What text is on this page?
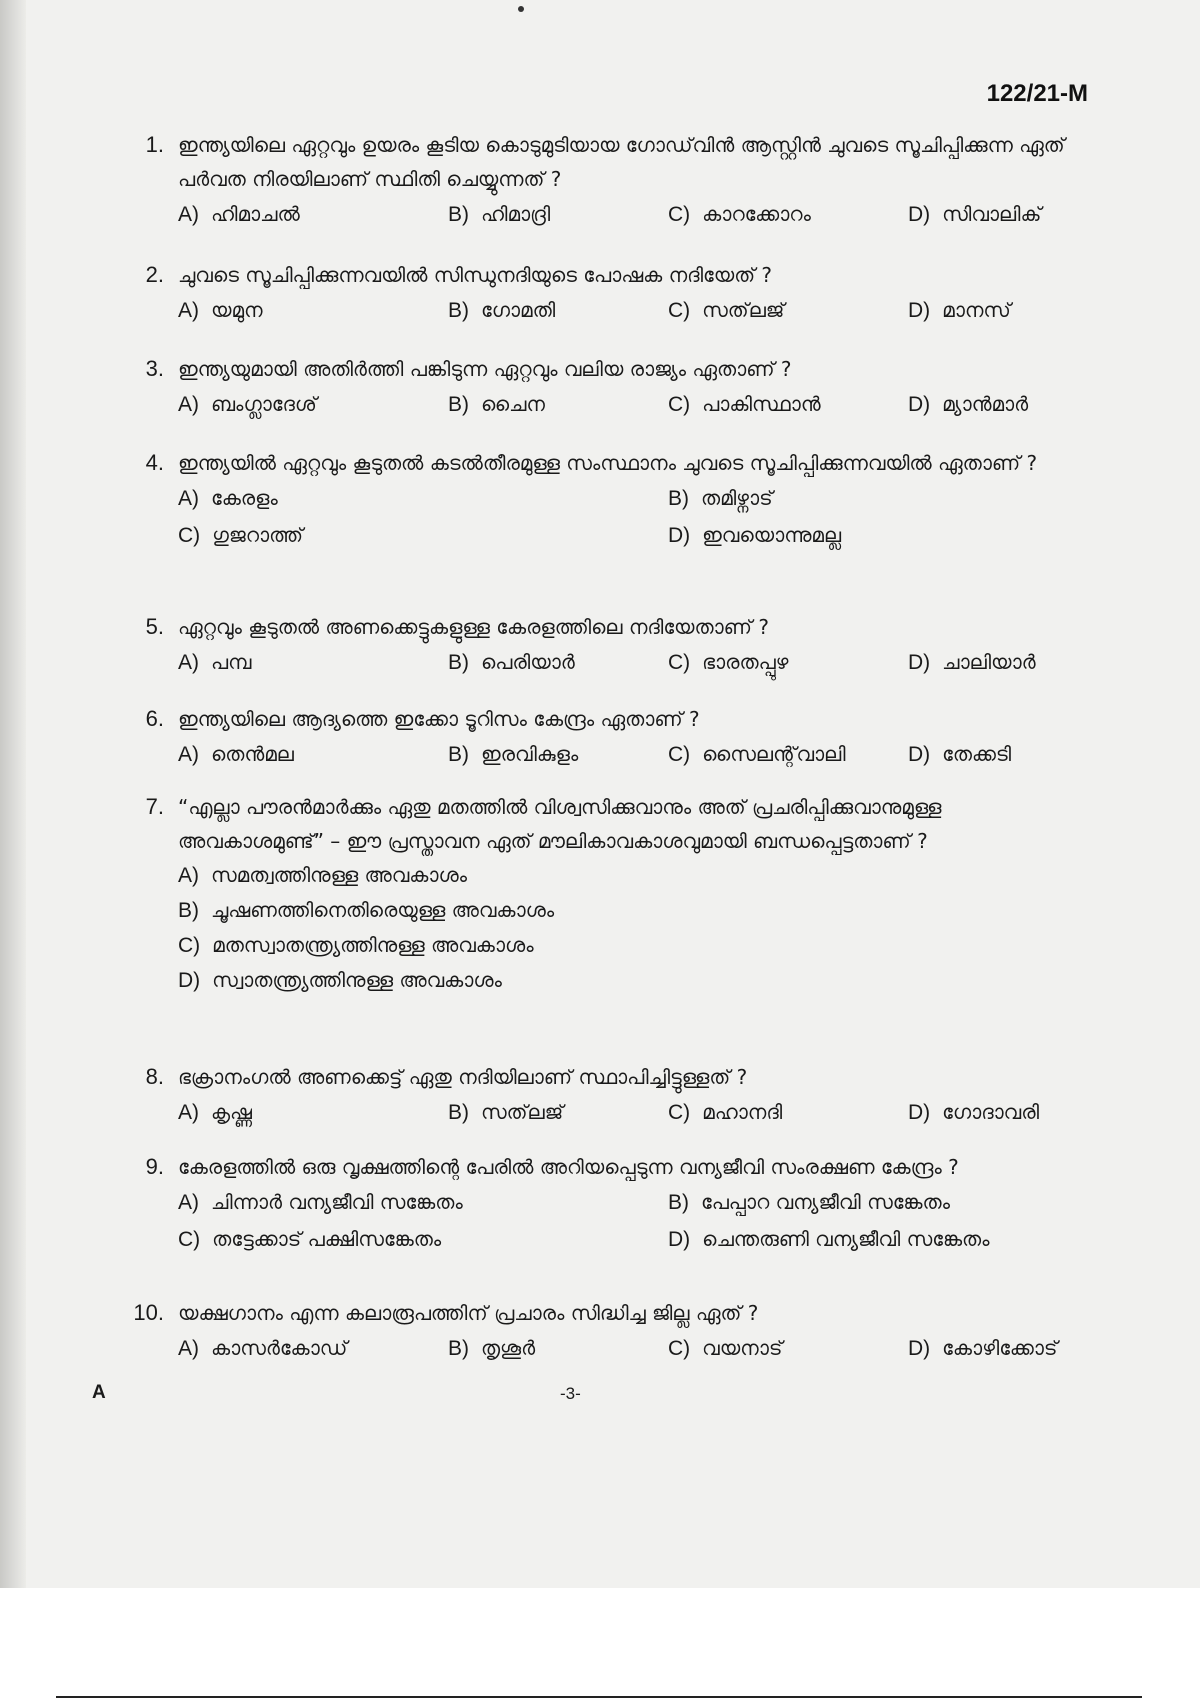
122/21-M
1. ഇന്ത്യയിലെ ഏറ്റവും ഉയരം കൂടിയ കൊടുമുടിയായ ഗോഡ്‌വിൻ ആസ്റ്റിൻ ചുവടെ സൂചിപ്പിക്കുന്ന ഏത് പർവത നിരയിലാണ് സ്ഥിതി ചെയ്യുന്നത് ?
A) ഹിമാചൽ	B) ഹിമാദ്രി	C) കാറക്കോറം	D) സിവാലിക്
2. ചുവടെ സൂചിപ്പിക്കുന്നവയിൽ സിന്ധുനദിയുടെ പോഷക നദിയേത് ?
A) യമുന	B) ഗോമതി	C) സത്‌ലജ്	D) മാനസ്
3. ഇന്ത്യയുമായി അതിർത്തി പങ്കിടുന്ന ഏറ്റവും വലിയ രാജ്യം ഏതാണ് ?
A) ബംഗ്ലാദേശ്	B) ചൈന	C) പാകിസ്ഥാൻ	D) മ്യാൻമാർ
4. ഇന്ത്യയിൽ ഏറ്റവും കൂടുതൽ കടൽതീരമുള്ള സംസ്ഥാനം ചുവടെ സൂചിപ്പിക്കുന്നവയിൽ ഏതാണ് ?
A) കേരളം	B) തമിഴ്നാട്
C) ഗുജറാത്ത്	D) ഇവയൊന്നുമല്ല
5. ഏറ്റവും കൂടുതൽ അണക്കെട്ടുകളുള്ള കേരളത്തിലെ നദിയേതാണ് ?
A) പമ്പ	B) പെരിയാർ	C) ഭാരതപ്പുഴ	D) ചാലിയാർ
6. ഇന്ത്യയിലെ ആദ്യത്തെ ഇക്കോ ടൂറിസം കേന്ദ്രം ഏതാണ് ?
A) തെൻമല	B) ഇരവികുളം	C) സൈലന്റ്‌വാലി	D) തേക്കടി
7. “എല്ലാ പൗരൻമാർക്കും ഏതു മതത്തിൽ വിശ്വസിക്കുവാനും അത് പ്രചരിപ്പിക്കുവാനുമുള്ള അവകാശമുണ്ട്” – ഈ പ്രസ്താവന ഏത് മൗലികാവകാശവുമായി ബന്ധപ്പെട്ടതാണ് ?
A) സമത്വത്തിനുള്ള അവകാശം
B) ചൂഷണത്തിനെതിരെയുള്ള അവകാശം
C) മതസ്വാതന്ത്ര്യത്തിനുള്ള അവകാശം
D) സ്വാതന്ത്ര്യത്തിനുള്ള അവകാശം
8. ഭക്രാനംഗൽ അണക്കെട്ട് ഏതു നദിയിലാണ് സ്ഥാപിച്ചിട്ടുള്ളത് ?
A) കൃഷ്ണ	B) സത്‌ലജ്	C) മഹാനദി	D) ഗോദാവരി
9. കേരളത്തിൽ ഒരു വൃക്ഷത്തിന്റെ പേരിൽ അറിയപ്പെടുന്ന വന്യജീവി സംരക്ഷണ കേന്ദ്രം ?
A) ചിന്നാർ വന്യജീവി സങ്കേതം	B) പേപ്പാറ വന്യജീവി സങ്കേതം
C) തട്ടേക്കാട് പക്ഷിസങ്കേതം	D) ചെന്തരുണി വന്യജീവി സങ്കേതം
10. യക്ഷഗാനം എന്ന കലാരൂപത്തിന് പ്രചാരം സിദ്ധിച്ച ജില്ല ഏത് ?
A) കാസർകോഡ്	B) തൃശൂർ	C) വയനാട്	D) കോഴിക്കോട്
A	-3-
